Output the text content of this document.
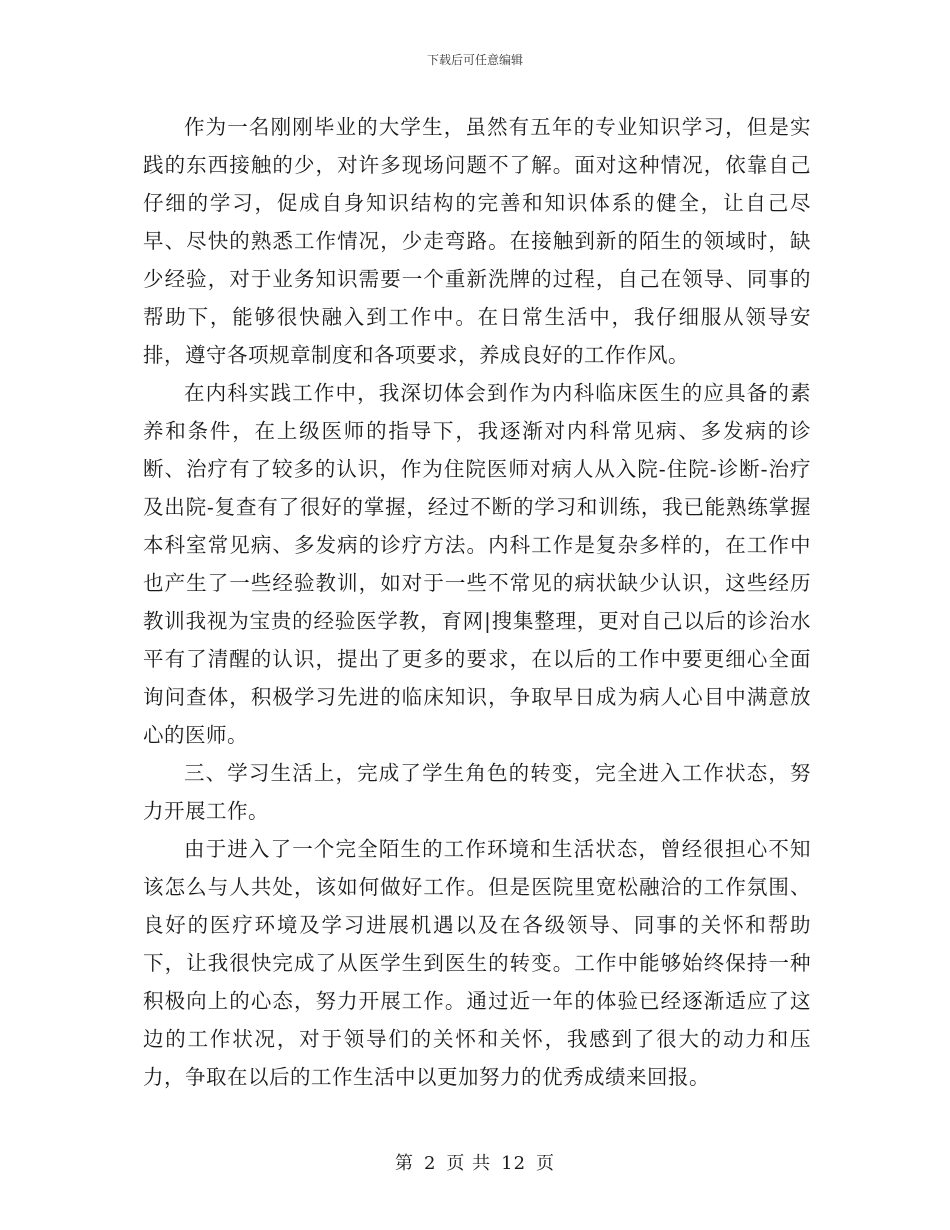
下载后可任意编辑

作为一名刚刚毕业的大学生，虽然有五年的专业知识学习，但是实践的东西接触的少，对许多现场问题不了解。面对这种情况，依靠自己仔细的学习，促成自身知识结构的完善和知识体系的健全，让自己尽早、尽快的熟悉工作情况，少走弯路。在接触到新的陌生的领域时，缺少经验，对于业务知识需要一个重新洗牌的过程，自己在领导、同事的帮助下，能够很快融入到工作中。在日常生活中，我仔细服从领导安排，遵守各项规章制度和各项要求，养成良好的工作作风。

在内科实践工作中，我深切体会到作为内科临床医生的应具备的素养和条件，在上级医师的指导下，我逐渐对内科常见病、多发病的诊断、治疗有了较多的认识，作为住院医师对病人从入院-住院-诊断-治疗及出院-复查有了很好的掌握，经过不断的学习和训练，我已能熟练掌握本科室常见病、多发病的诊疗方法。内科工作是复杂多样的，在工作中也产生了一些经验教训，如对于一些不常见的病状缺少认识，这些经历教训我视为宝贵的经验医学教，育网|搜集整理，更对自己以后的诊治水平有了清醒的认识，提出了更多的要求，在以后的工作中要更细心全面询问查体，积极学习先进的临床知识，争取早日成为病人心目中满意放心的医师。

三、学习生活上，完成了学生角色的转变，完全进入工作状态，努力开展工作。

由于进入了一个完全陌生的工作环境和生活状态，曾经很担心不知该怎么与人共处，该如何做好工作。但是医院里宽松融洽的工作氛围、良好的医疗环境及学习进展机遇以及在各级领导、同事的关怀和帮助下，让我很快完成了从医学生到医生的转变。工作中能够始终保持一种积极向上的心态，努力开展工作。通过近一年的体验已经逐渐适应了这边的工作状况，对于领导们的关怀和关怀，我感到了很大的动力和压力，争取在以后的工作生活中以更加努力的优秀成绩来回报。

第 2 页 共 12 页
